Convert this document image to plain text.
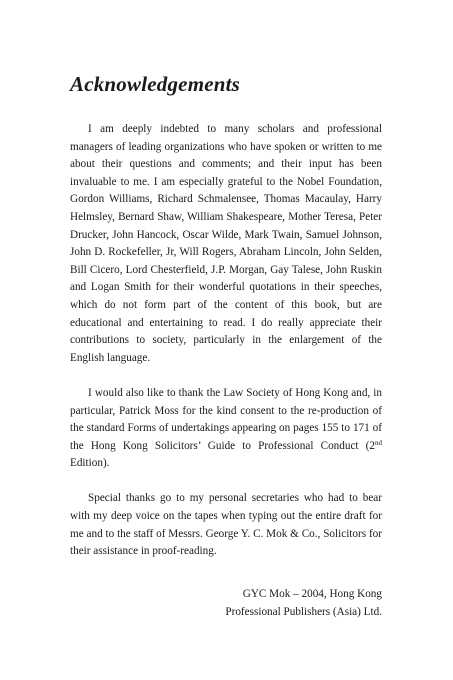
Acknowledgements

I am deeply indebted to many scholars and professional managers of leading organizations who have spoken or written to me about their questions and comments; and their input has been invaluable to me. I am especially grateful to the Nobel Foundation, Gordon Williams, Richard Schmalensee, Thomas Macaulay, Harry Helmsley, Bernard Shaw, William Shakespeare, Mother Teresa, Peter Drucker, John Hancock, Oscar Wilde, Mark Twain, Samuel Johnson, John D. Rockefeller, Jr, Will Rogers, Abraham Lincoln, John Selden, Bill Cicero, Lord Chesterfield, J.P. Morgan, Gay Talese, John Ruskin and Logan Smith for their wonderful quotations in their speeches, which do not form part of the content of this book, but are educational and entertaining to read. I do really appreciate their contributions to society, particularly in the enlargement of the English language.

I would also like to thank the Law Society of Hong Kong and, in particular, Patrick Moss for the kind consent to the re-production of the standard Forms of undertakings appearing on pages 155 to 171 of the Hong Kong Solicitors’ Guide to Professional Conduct (2nd Edition).

Special thanks go to my personal secretaries who had to bear with my deep voice on the tapes when typing out the entire draft for me and to the staff of Messrs. George Y. C. Mok & Co., Solicitors for their assistance in proof-reading.

GYC Mok – 2004, Hong Kong
Professional Publishers (Asia) Ltd.
